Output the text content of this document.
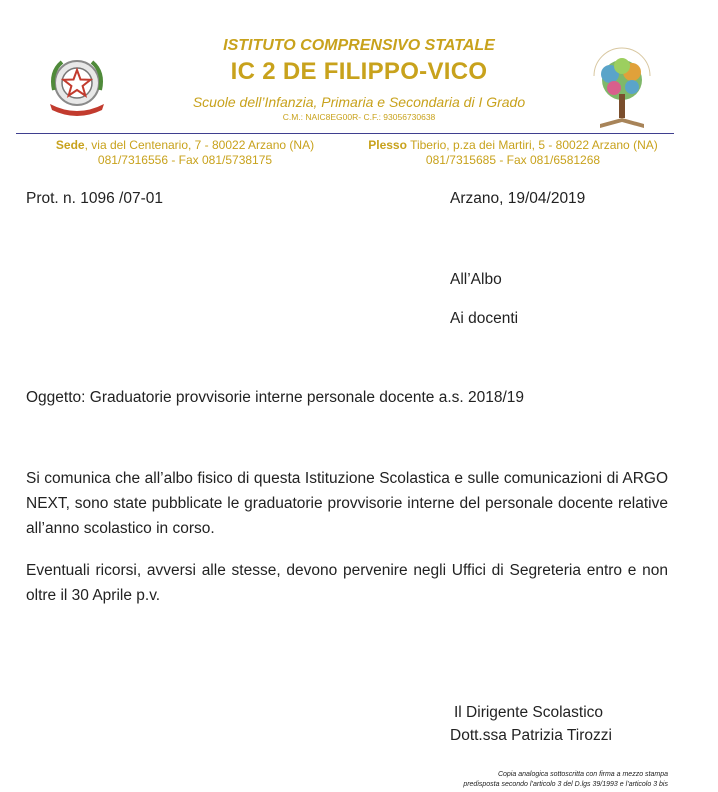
ISTITUTO COMPRENSIVO STATALE
IC 2 DE FILIPPO-VICO
Scuole dell’Infanzia, Primaria e Secondaria di I Grado
C.M.: NAIC8EG00R- C.F.: 93056730638
Sede, via del Centenario, 7 - 80022 Arzano (NA)
081/7316556 - Fax 081/5738175
Plesso Tiberio, p.za dei Martiri, 5 - 80022 Arzano (NA)
081/7315685 - Fax 081/6581268
Prot. n. 1096 /07-01	Arzano, 19/04/2019
All’Albo
Ai docenti
Oggetto: Graduatorie provvisorie interne personale docente a.s. 2018/19
Si comunica che all’albo fisico di questa Istituzione Scolastica e sulle comunicazioni di ARGO NEXT, sono state pubblicate le graduatorie provvisorie interne del personale docente relative all’anno scolastico in corso.
Eventuali ricorsi, avversi alle stesse, devono pervenire negli Uffici di Segreteria entro e non oltre il 30 Aprile p.v.
Il Dirigente Scolastico
Dott.ssa Patrizia Tirozzi
Copia analogica sottoscritta con firma a mezzo stampa
predisposta secondo l’articolo 3 del D.lgs 39/1993 e l’articolo 3 bis
